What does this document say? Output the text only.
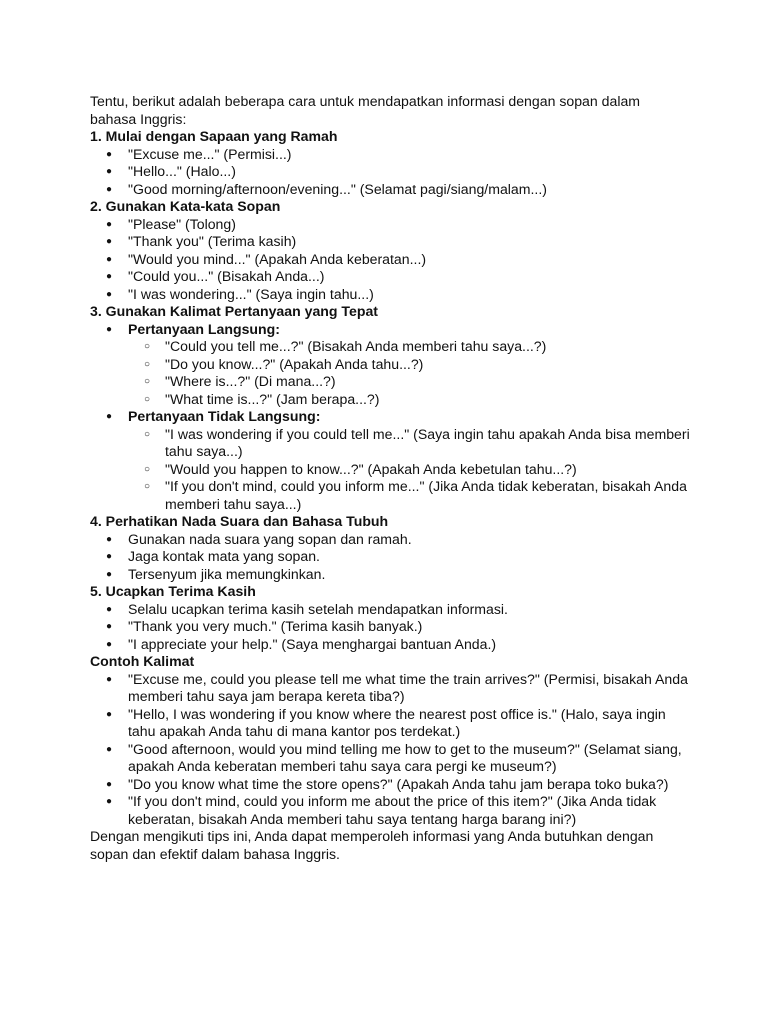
Tentu, berikut adalah beberapa cara untuk mendapatkan informasi dengan sopan dalam bahasa Inggris:

1. Mulai dengan Sapaan yang Ramah

● "Excuse me..." (Permisi...)
● "Hello..." (Halo...)
● "Good morning/afternoon/evening..." (Selamat pagi/siang/malam...)

2. Gunakan Kata-kata Sopan

● "Please" (Tolong)
● "Thank you" (Terima kasih)
● "Would you mind..." (Apakah Anda keberatan...)
● "Could you..." (Bisakah Anda...)
● "I was wondering..." (Saya ingin tahu...)

3. Gunakan Kalimat Pertanyaan yang Tepat

● Pertanyaan Langsung:
○ "Could you tell me...?" (Bisakah Anda memberi tahu saya...?)
○ "Do you know...?" (Apakah Anda tahu...?)
○ "Where is...?" (Di mana...?)
○ "What time is...?" (Jam berapa...?)
● Pertanyaan Tidak Langsung:
○ "I was wondering if you could tell me..." (Saya ingin tahu apakah Anda bisa memberi tahu saya...)
○ "Would you happen to know...?" (Apakah Anda kebetulan tahu...?)
○ "If you don't mind, could you inform me..." (Jika Anda tidak keberatan, bisakah Anda memberi tahu saya...)

4. Perhatikan Nada Suara dan Bahasa Tubuh

● Gunakan nada suara yang sopan dan ramah.
● Jaga kontak mata yang sopan.
● Tersenyum jika memungkinkan.

5. Ucapkan Terima Kasih

● Selalu ucapkan terima kasih setelah mendapatkan informasi.
● "Thank you very much." (Terima kasih banyak.)
● "I appreciate your help." (Saya menghargai bantuan Anda.)

Contoh Kalimat

● "Excuse me, could you please tell me what time the train arrives?" (Permisi, bisakah Anda memberi tahu saya jam berapa kereta tiba?)
● "Hello, I was wondering if you know where the nearest post office is." (Halo, saya ingin tahu apakah Anda tahu di mana kantor pos terdekat.)
● "Good afternoon, would you mind telling me how to get to the museum?" (Selamat siang, apakah Anda keberatan memberi tahu saya cara pergi ke museum?)
● "Do you know what time the store opens?" (Apakah Anda tahu jam berapa toko buka?)
● "If you don't mind, could you inform me about the price of this item?" (Jika Anda tidak keberatan, bisakah Anda memberi tahu saya tentang harga barang ini?)

Dengan mengikuti tips ini, Anda dapat memperoleh informasi yang Anda butuhkan dengan sopan dan efektif dalam bahasa Inggris.
